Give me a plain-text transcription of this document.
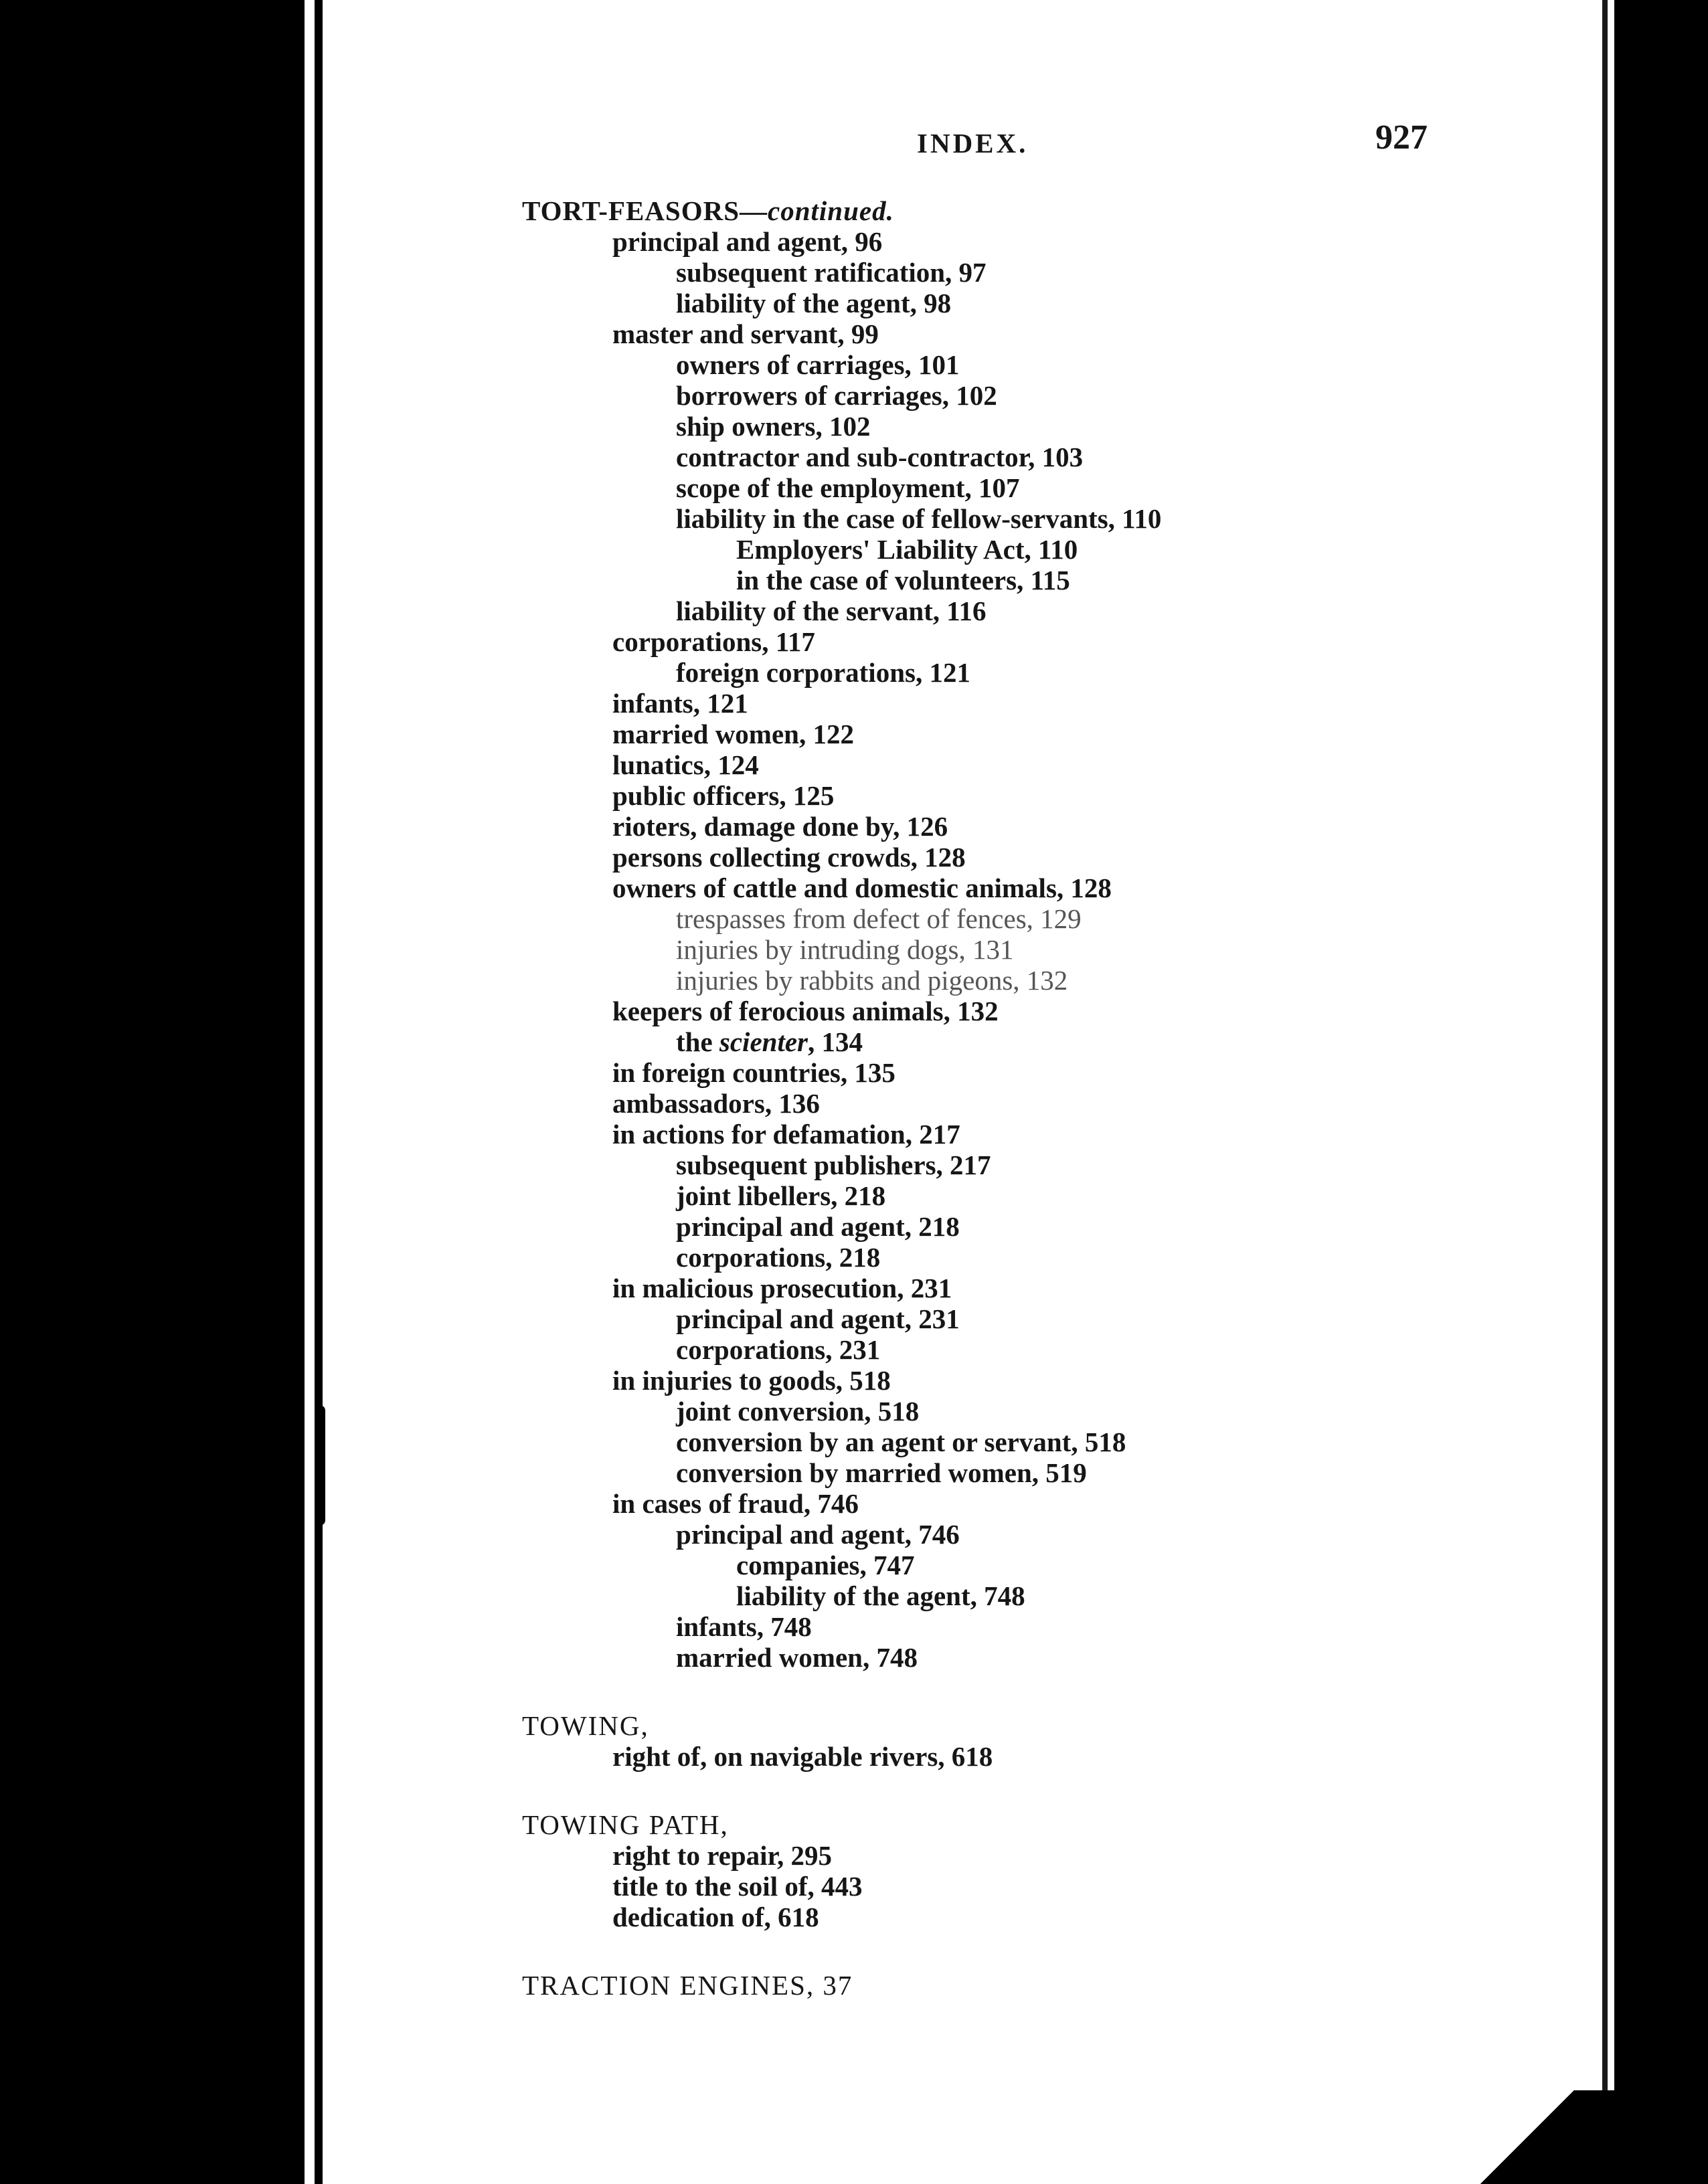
INDEX.	927
TORT-FEASORS—continued.
principal and agent, 96
subsequent ratification, 97
liability of the agent, 98
master and servant, 99
owners of carriages, 101
borrowers of carriages, 102
ship owners, 102
contractor and sub-contractor, 103
scope of the employment, 107
liability in the case of fellow-servants, 110
Employers' Liability Act, 110
in the case of volunteers, 115
liability of the servant, 116
corporations, 117
foreign corporations, 121
infants, 121
married women, 122
lunatics, 124
public officers, 125
rioters, damage done by, 126
persons collecting crowds, 128
owners of cattle and domestic animals, 128
trespasses from defect of fences, 129
injuries by intruding dogs, 131
injuries by rabbits and pigeons, 132
keepers of ferocious animals, 132
the scienter, 134
in foreign countries, 135
ambassadors, 136
in actions for defamation, 217
subsequent publishers, 217
joint libellers, 218
principal and agent, 218
corporations, 218
in malicious prosecution, 231
principal and agent, 231
corporations, 231
in injuries to goods, 518
joint conversion, 518
conversion by an agent or servant, 518
conversion by married women, 519
in cases of fraud, 746
principal and agent, 746
companies, 747
liability of the agent, 748
infants, 748
married women, 748
TOWING,
right of, on navigable rivers, 618
TOWING PATH,
right to repair, 295
title to the soil of, 443
dedication of, 618
TRACTION ENGINES, 37
